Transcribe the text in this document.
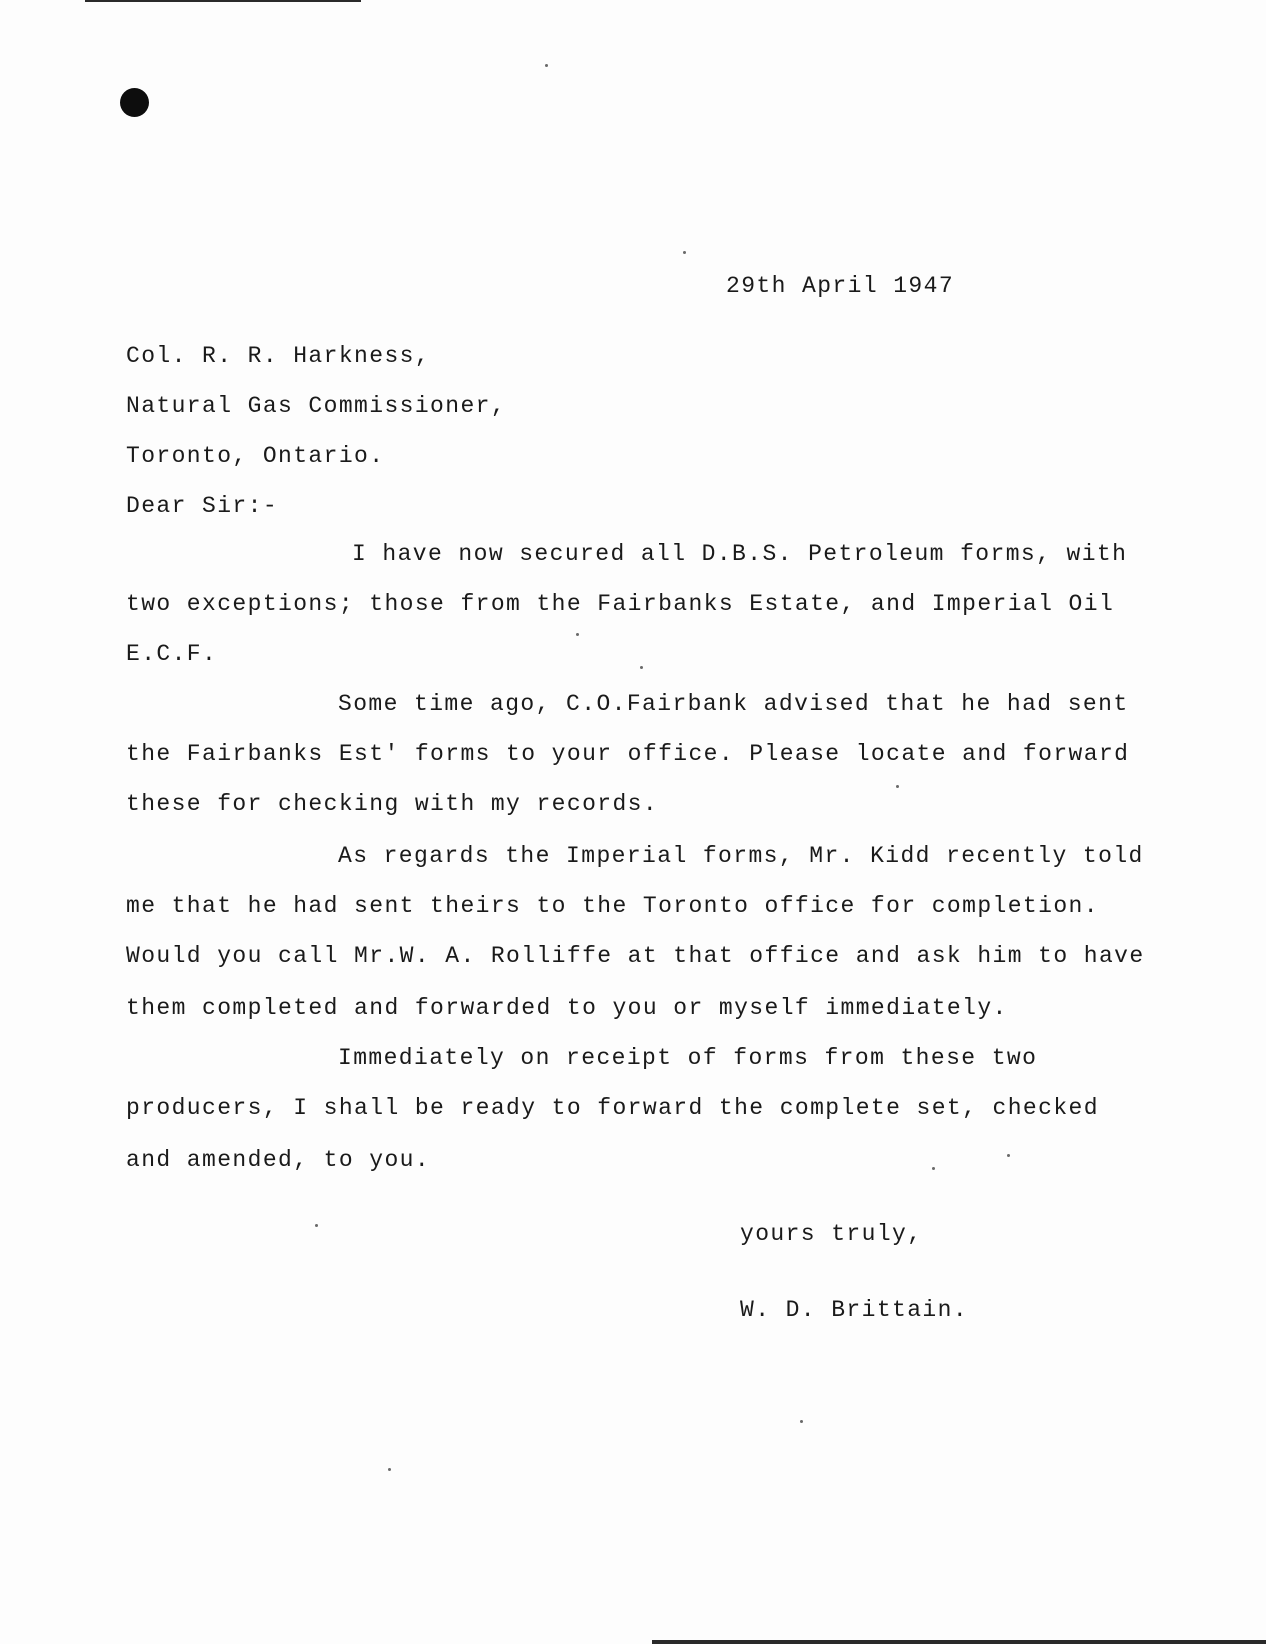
29th April 1947
Col. R. R. Harkness,
Natural Gas Commissioner,
Toronto, Ontario.
Dear Sir:-
I have now secured all D.B.S. Petroleum forms, with
two exceptions; those from the Fairbanks Estate, and Imperial Oil
E.C.F.
Some time ago, C.O.Fairbank advised that he had sent
the Fairbanks Est' forms to your office. Please locate and forward
these for checking with my records.
As regards the Imperial forms, Mr. Kidd recently told
me that he had sent theirs to the Toronto office for completion.
Would you call Mr.W. A. Rolliffe at that office and ask him to have
them completed and forwarded to you or myself immediately.
Immediately on receipt of forms from these two
producers, I shall be ready to forward the complete set, checked
and amended, to you.
yours truly,
W. D. Brittain.
